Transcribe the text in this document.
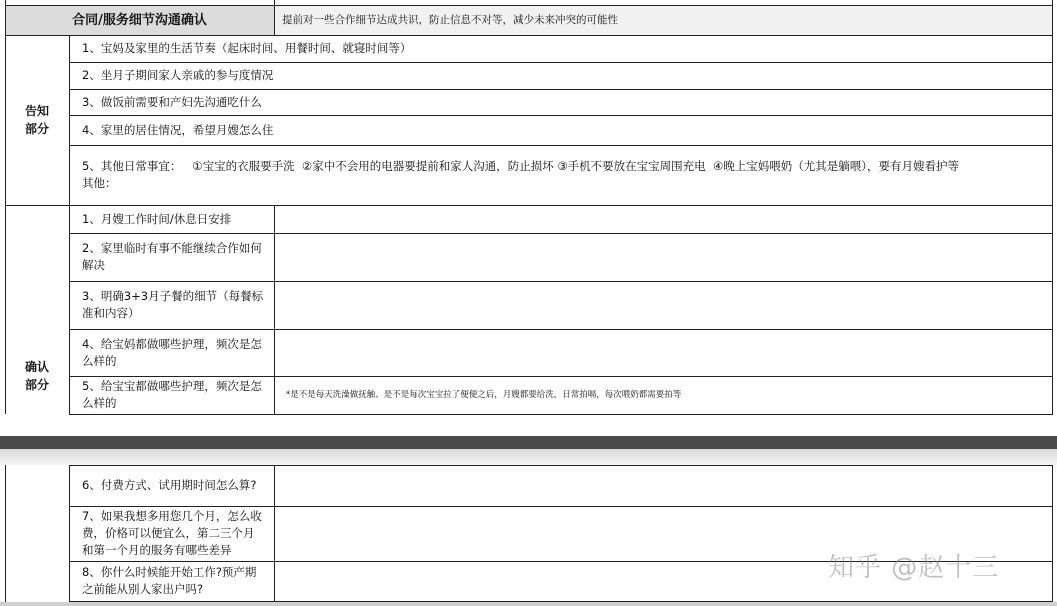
合同/服务细节沟通确认	提前对一些合作细节达成共识，防止信息不对等，减少未来冲突的可能性
告知
部分
1、宝妈及家里的生活节奏（起床时间、用餐时间、就寝时间等）
2、坐月子期间家人亲戚的参与度情况
3、做饭前需要和产妇先沟通吃什么
4、家里的居住情况，希望月嫂怎么住
5、其他日常事宜：   ①宝宝的衣服要手洗  ②家中不会用的电器要提前和家人沟通，防止损坏 ③手机不要放在宝宝周围充电  ④晚上宝妈喂奶（尤其是躺喂），要有月嫂看护等
其他：
确认
部分
1、月嫂工作时间/休息日安排
2、家里临时有事不能继续合作如何
解决
3、明确3+3月子餐的细节（每餐标
准和内容）
4、给宝妈都做哪些护理，频次是怎
么样的
5、给宝宝都做哪些护理，频次是怎
么样的
*是不是每天洗澡做抚触、是不是每次宝宝拉了便便之后，月嫂都要给洗，日常拍嗝，每次喂奶都需要拍等
6、付费方式、试用期时间怎么算?
7、如果我想多用您几个月，怎么收
费，价格可以便宜么，第二三个月
和第一个月的服务有哪些差异
8、你什么时候能开始工作?预产期
之前能从别人家出户吗?
知乎 @赵十三
